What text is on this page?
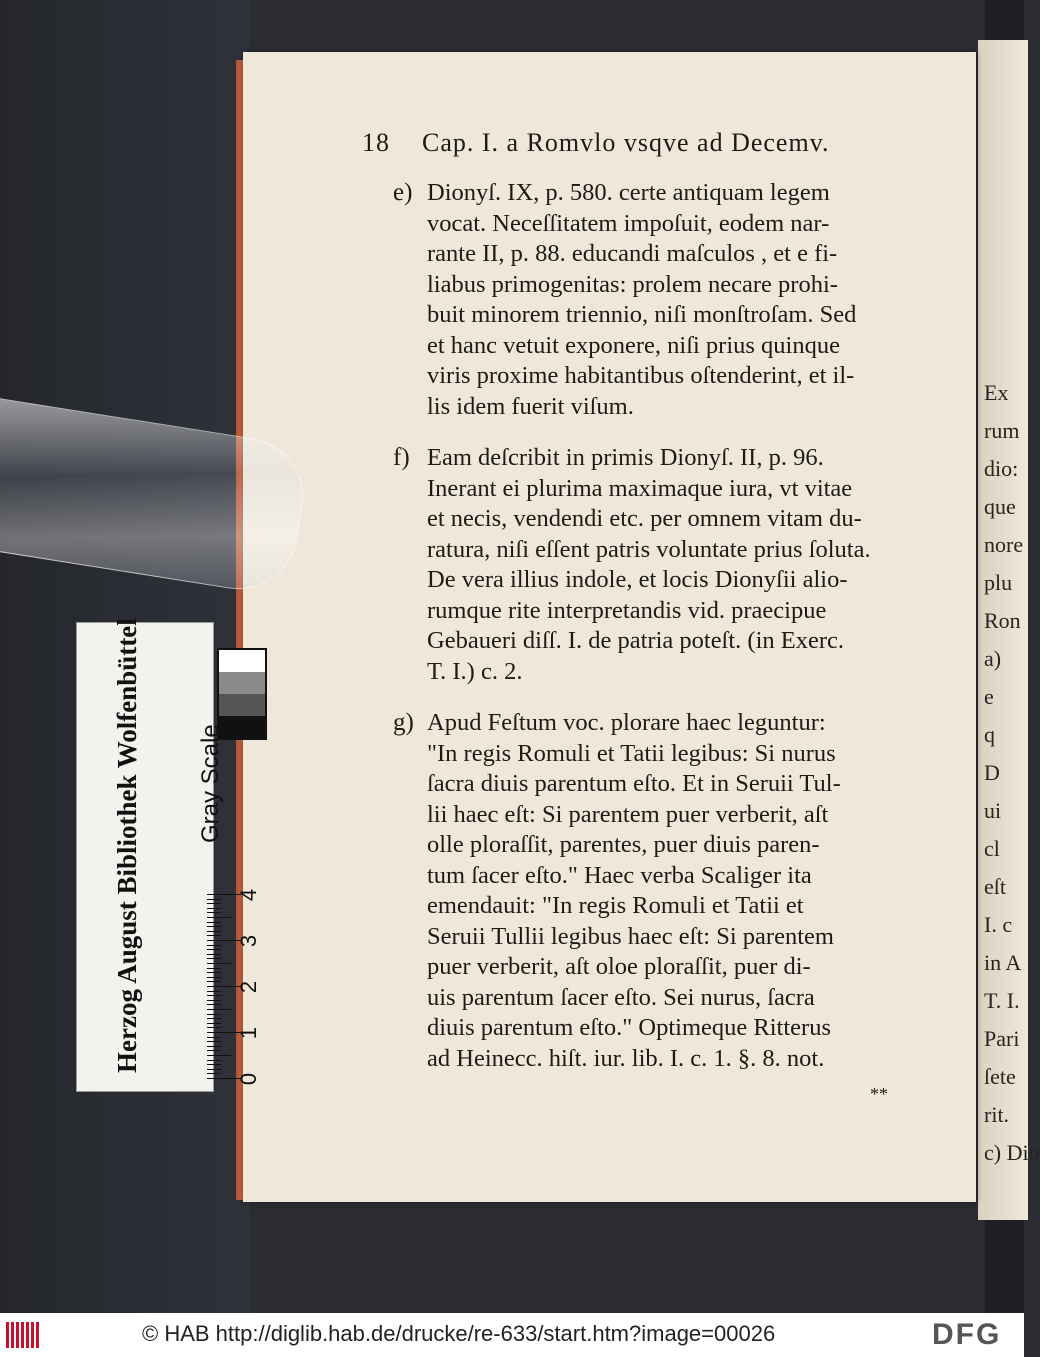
Ex
rum
dio:
que
nore
plu
Ron
a)
e
q
D
ui
cl
eſt
I. c
in A
T. I.
Pari
ſete
rit.
c) Dio
18 Cap. I. a Romvlo vsqve ad Decemv.
e) Dionyſ. IX, p. 580. certe antiquam legem
vocat. Neceſſitatem impoſuit, eodem nar-
rante II, p. 88. educandi maſculos , et e fi-
liabus primogenitas: prolem necare prohi-
buit minorem triennio, niſi monſtroſam. Sed
et hanc vetuit exponere, niſi prius quinque
viris proxime habitantibus oſtenderint, et il-
lis idem fuerit viſum.
f) Eam deſcribit in primis Dionyſ. II, p. 96.
Inerant ei plurima maximaque iura, vt vitae
et necis, vendendi etc. per omnem vitam du-
ratura, niſi eſſent patris voluntate prius ſoluta.
De vera illius indole, et locis Dionyſii alio-
rumque rite interpretandis vid. praecipue
Gebaueri diſſ. I. de patria poteſt. (in Exerc.
T. I.) c. 2.
g) Apud Feſtum voc. plorare haec leguntur:
"In regis Romuli et Tatii legibus: Si nurus
ſacra diuis parentum eſto. Et in Seruii Tul-
lii haec eſt: Si parentem puer verberit, aſt
olle ploraſſit, parentes, puer diuis paren-
tum ſacer eſto." Haec verba Scaliger ita
emendauit: "In regis Romuli et Tatii et
Seruii Tullii legibus haec eſt: Si parentem
puer verberit, aſt oloe ploraſſit, puer di-
uis parentum ſacer eſto. Sei nurus, ſacra
diuis parentum eſto." Optimeque Ritterus
ad Heinecc. hiſt. iur. lib. I. c. 1. §. 8. not.
**
Herzog August Bibliothek Wolfenbüttel	Gray Scale
0
1
2
3
4
© HAB http://diglib.hab.de/drucke/re-633/start.htm?image=00026	DFG
